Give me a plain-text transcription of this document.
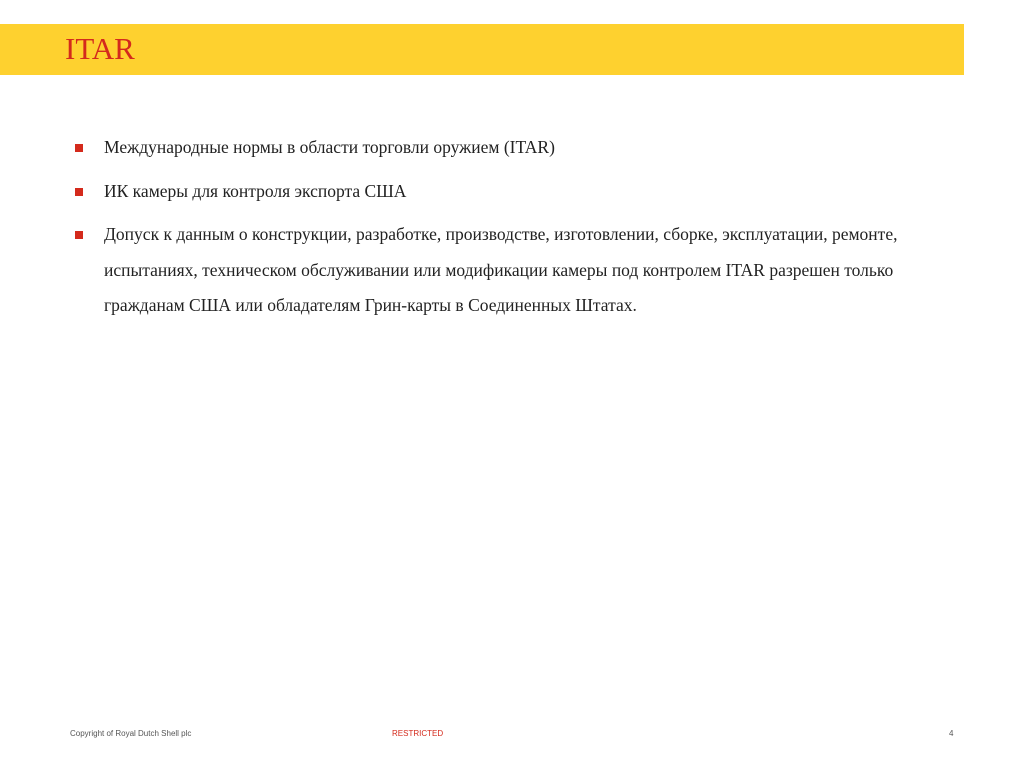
ITAR
Международные нормы в области торговли оружием (ITAR)
ИК камеры для контроля экспорта США
Допуск к данным о конструкции, разработке, производстве, изготовлении, сборке, эксплуатации, ремонте, испытаниях, техническом обслуживании или модификации камеры под контролем ITAR разрешен только гражданам США или обладателям Грин-карты в Соединенных Штатах.
Copyright of Royal Dutch Shell plc	RESTRICTED	4
